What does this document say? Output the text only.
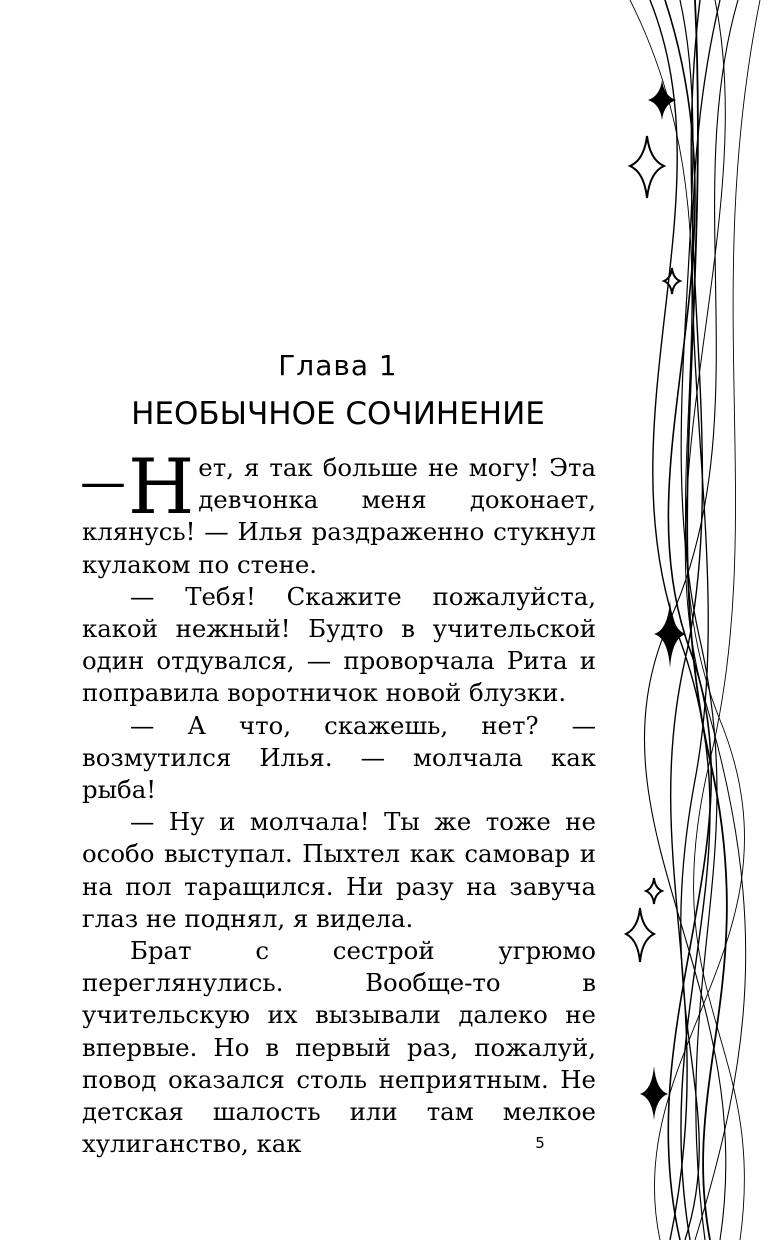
Глава 1
НЕОБЫЧНОЕ СОЧИНЕНИЕ

— Н ет, я так больше не могу! Эта девчонка меня доконает, клянусь! — Илья раздраженно стукнул кулаком по стене.

— Тебя! Скажите пожалуйста, какой нежный! Будто в учительской один отдувался, — проворчала Рита и поправила воротничок новой блузки.

— А что, скажешь, нет? — возмутился Илья. — молчала как рыба!

— Ну и молчала! Ты же тоже не особо выступал. Пыхтел как самовар и на пол таращился. Ни разу на завуча глаз не поднял, я видела.

Брат с сестрой угрюмо переглянулись. Вообще-то в учительскую их вызывали далеко не впервые. Но в первый раз, пожалуй, повод оказался столь неприятным. Не детская шалость или там мелкое хулиганство, как	5
